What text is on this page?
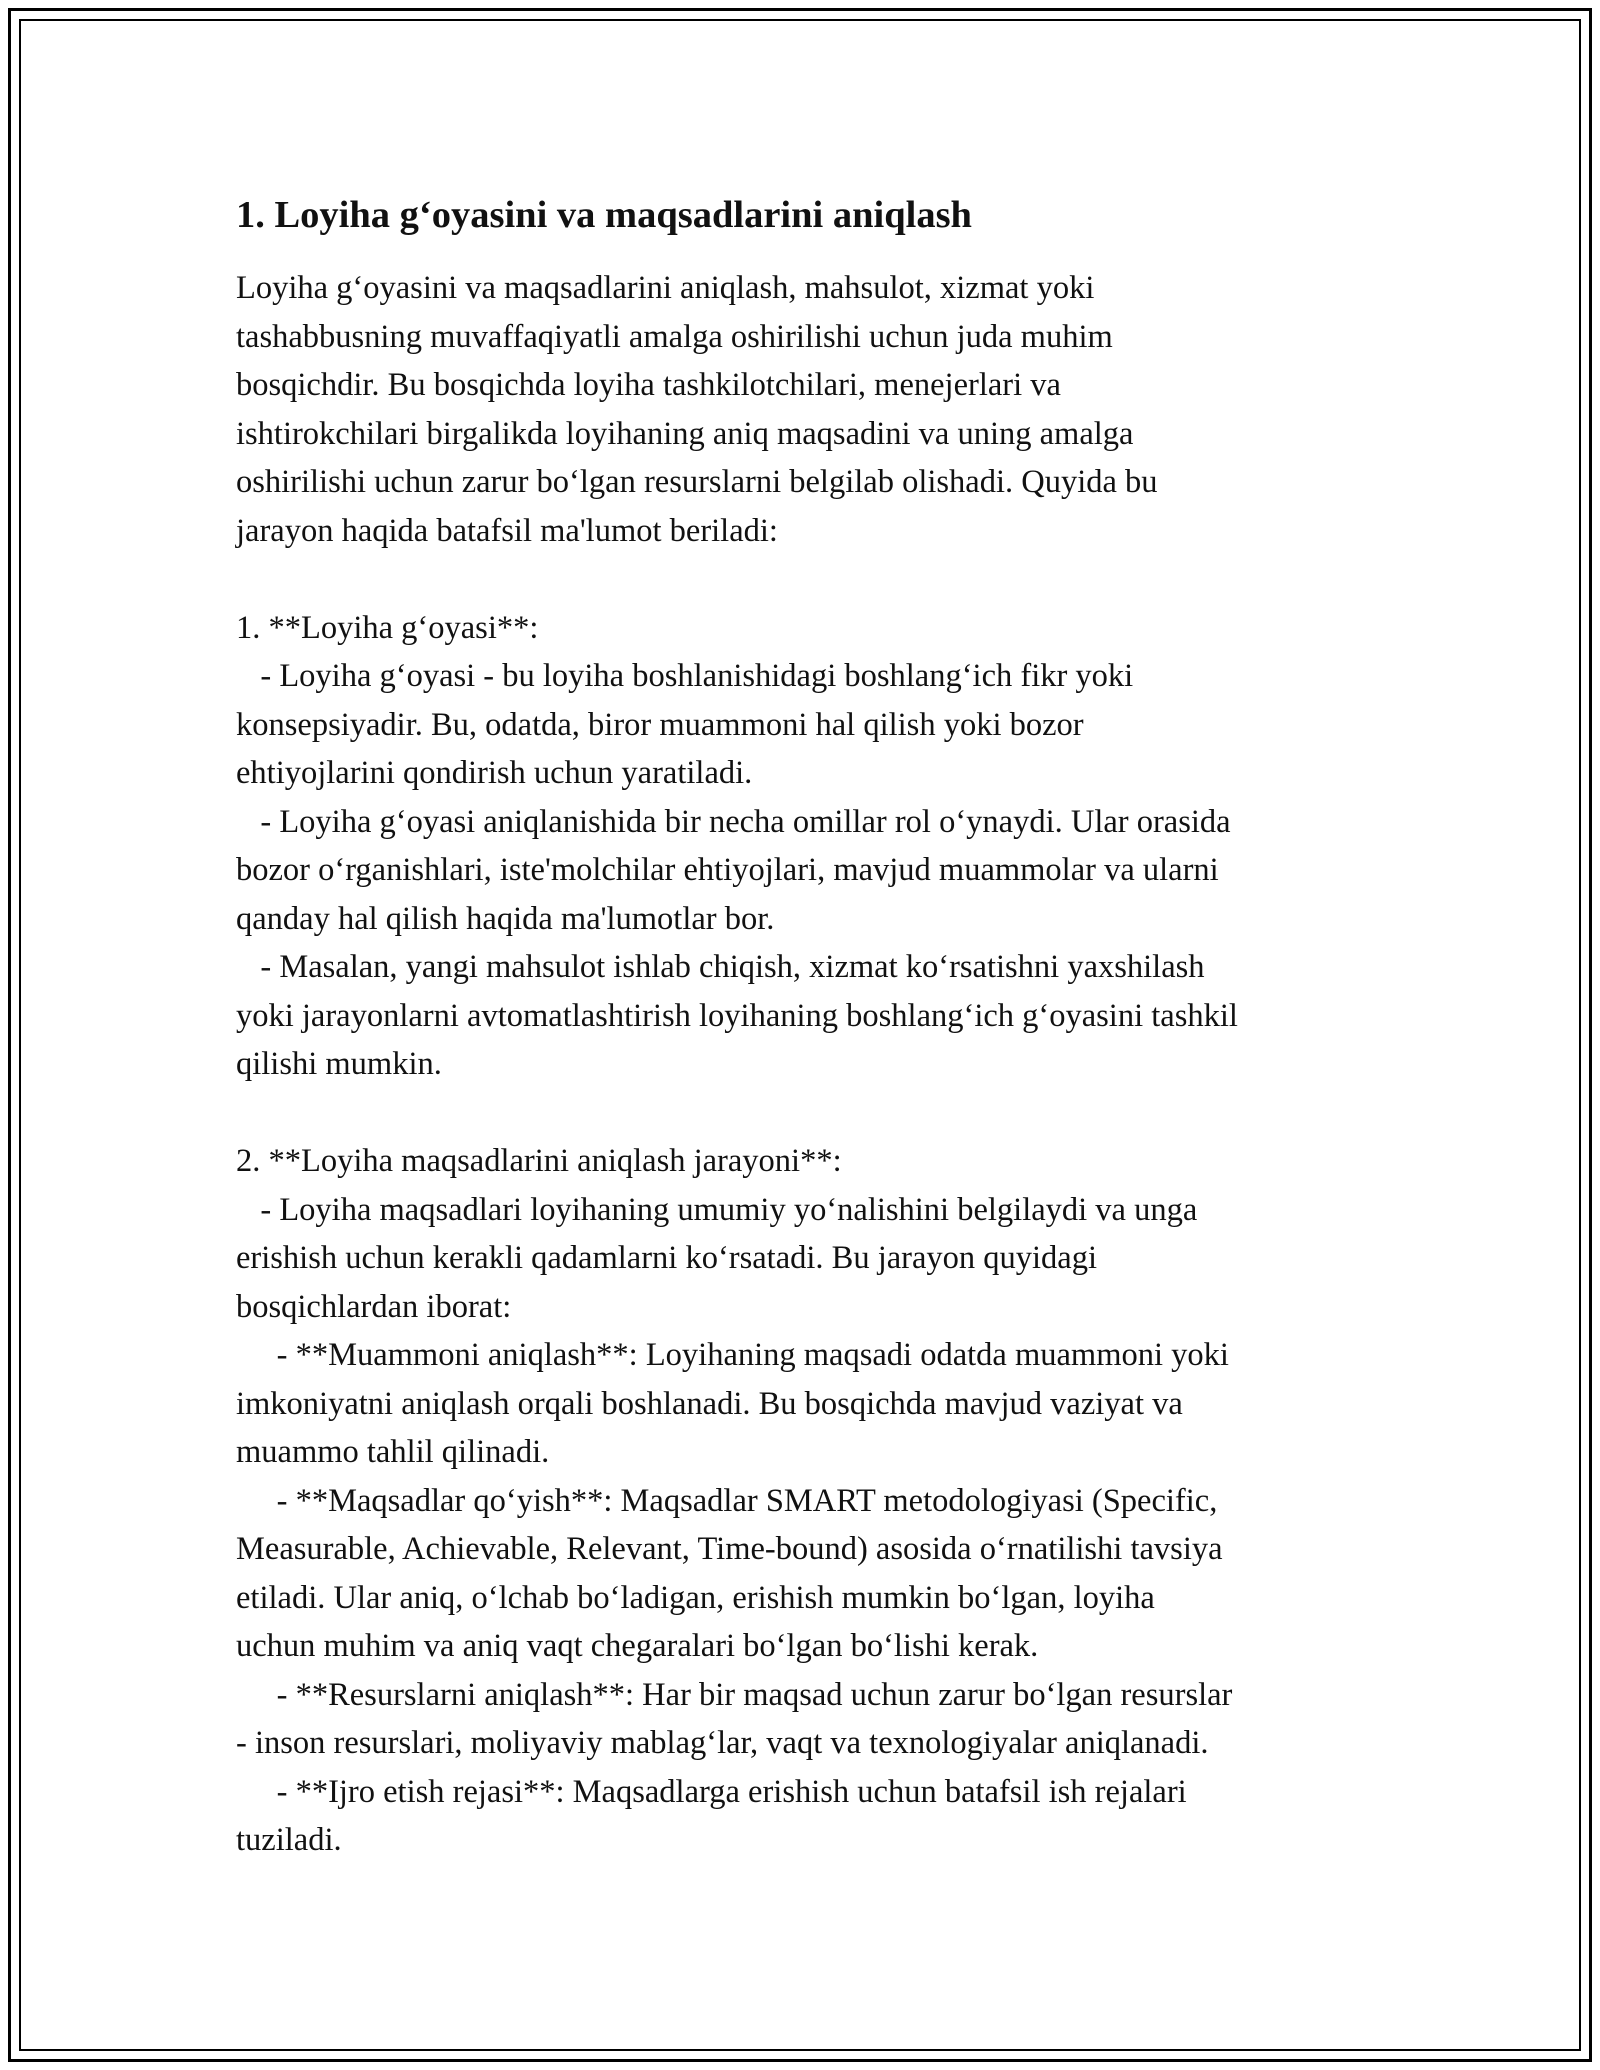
1. Loyiha g‘oyasini va maqsadlarini aniqlash

Loyiha g‘oyasini va maqsadlarini aniqlash, mahsulot, xizmat yoki
tashabbusning muvaffaqiyatli amalga oshirilishi uchun juda muhim
bosqichdir. Bu bosqichda loyiha tashkilotchilari, menejerlari va
ishtirokchilari birgalikda loyihaning aniq maqsadini va uning amalga
oshirilishi uchun zarur bo‘lgan resurslarni belgilab olishadi. Quyida bu
jarayon haqida batafsil ma'lumot beriladi:

1. **Loyiha g‘oyasi**:
- Loyiha g‘oyasi - bu loyiha boshlanishidagi boshlang‘ich fikr yoki
konsepsiyadir. Bu, odatda, biror muammoni hal qilish yoki bozor
ehtiyojlarini qondirish uchun yaratiladi.
- Loyiha g‘oyasi aniqlanishida bir necha omillar rol o‘ynaydi. Ular orasida
bozor o‘rganishlari, iste'molchilar ehtiyojlari, mavjud muammolar va ularni
qanday hal qilish haqida ma'lumotlar bor.
- Masalan, yangi mahsulot ishlab chiqish, xizmat ko‘rsatishni yaxshilash
yoki jarayonlarni avtomatlashtirish loyihaning boshlang‘ich g‘oyasini tashkil
qilishi mumkin.

2. **Loyiha maqsadlarini aniqlash jarayoni**:
- Loyiha maqsadlari loyihaning umumiy yo‘nalishini belgilaydi va unga
erishish uchun kerakli qadamlarni ko‘rsatadi. Bu jarayon quyidagi
bosqichlardan iborat:
- **Muammoni aniqlash**: Loyihaning maqsadi odatda muammoni yoki
imkoniyatni aniqlash orqali boshlanadi. Bu bosqichda mavjud vaziyat va
muammo tahlil qilinadi.
- **Maqsadlar qo‘yish**: Maqsadlar SMART metodologiyasi (Specific,
Measurable, Achievable, Relevant, Time-bound) asosida o‘rnatilishi tavsiya
etiladi. Ular aniq, o‘lchab bo‘ladigan, erishish mumkin bo‘lgan, loyiha
uchun muhim va aniq vaqt chegaralari bo‘lgan bo‘lishi kerak.
- **Resurslarni aniqlash**: Har bir maqsad uchun zarur bo‘lgan resurslar
- inson resurslari, moliyaviy mablag‘lar, vaqt va texnologiyalar aniqlanadi.
- **Ijro etish rejasi**: Maqsadlarga erishish uchun batafsil ish rejalari
tuziladi.
